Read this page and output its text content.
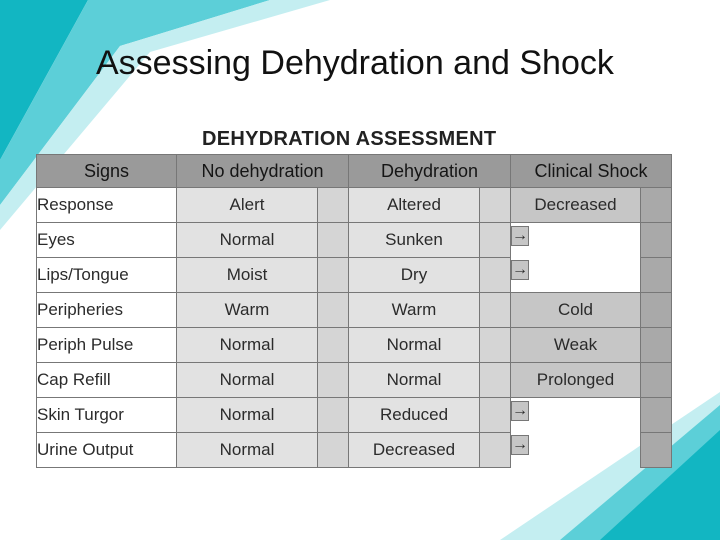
Assessing Dehydration and Shock
DEHYDRATION ASSESSMENT
Signs	No dehydration		Dehydration		Clinical Shock	
Response	Alert		Altered		Decreased	
Eyes	Normal		Sunken			→
Lips/Tongue	Moist		Dry			→
Peripheries	Warm		Warm		Cold	
Periph Pulse	Normal		Normal		Weak	
Cap Refill	Normal		Normal		Prolonged	
Skin Turgor	Normal		Reduced			→
Urine Output	Normal		Decreased			→
